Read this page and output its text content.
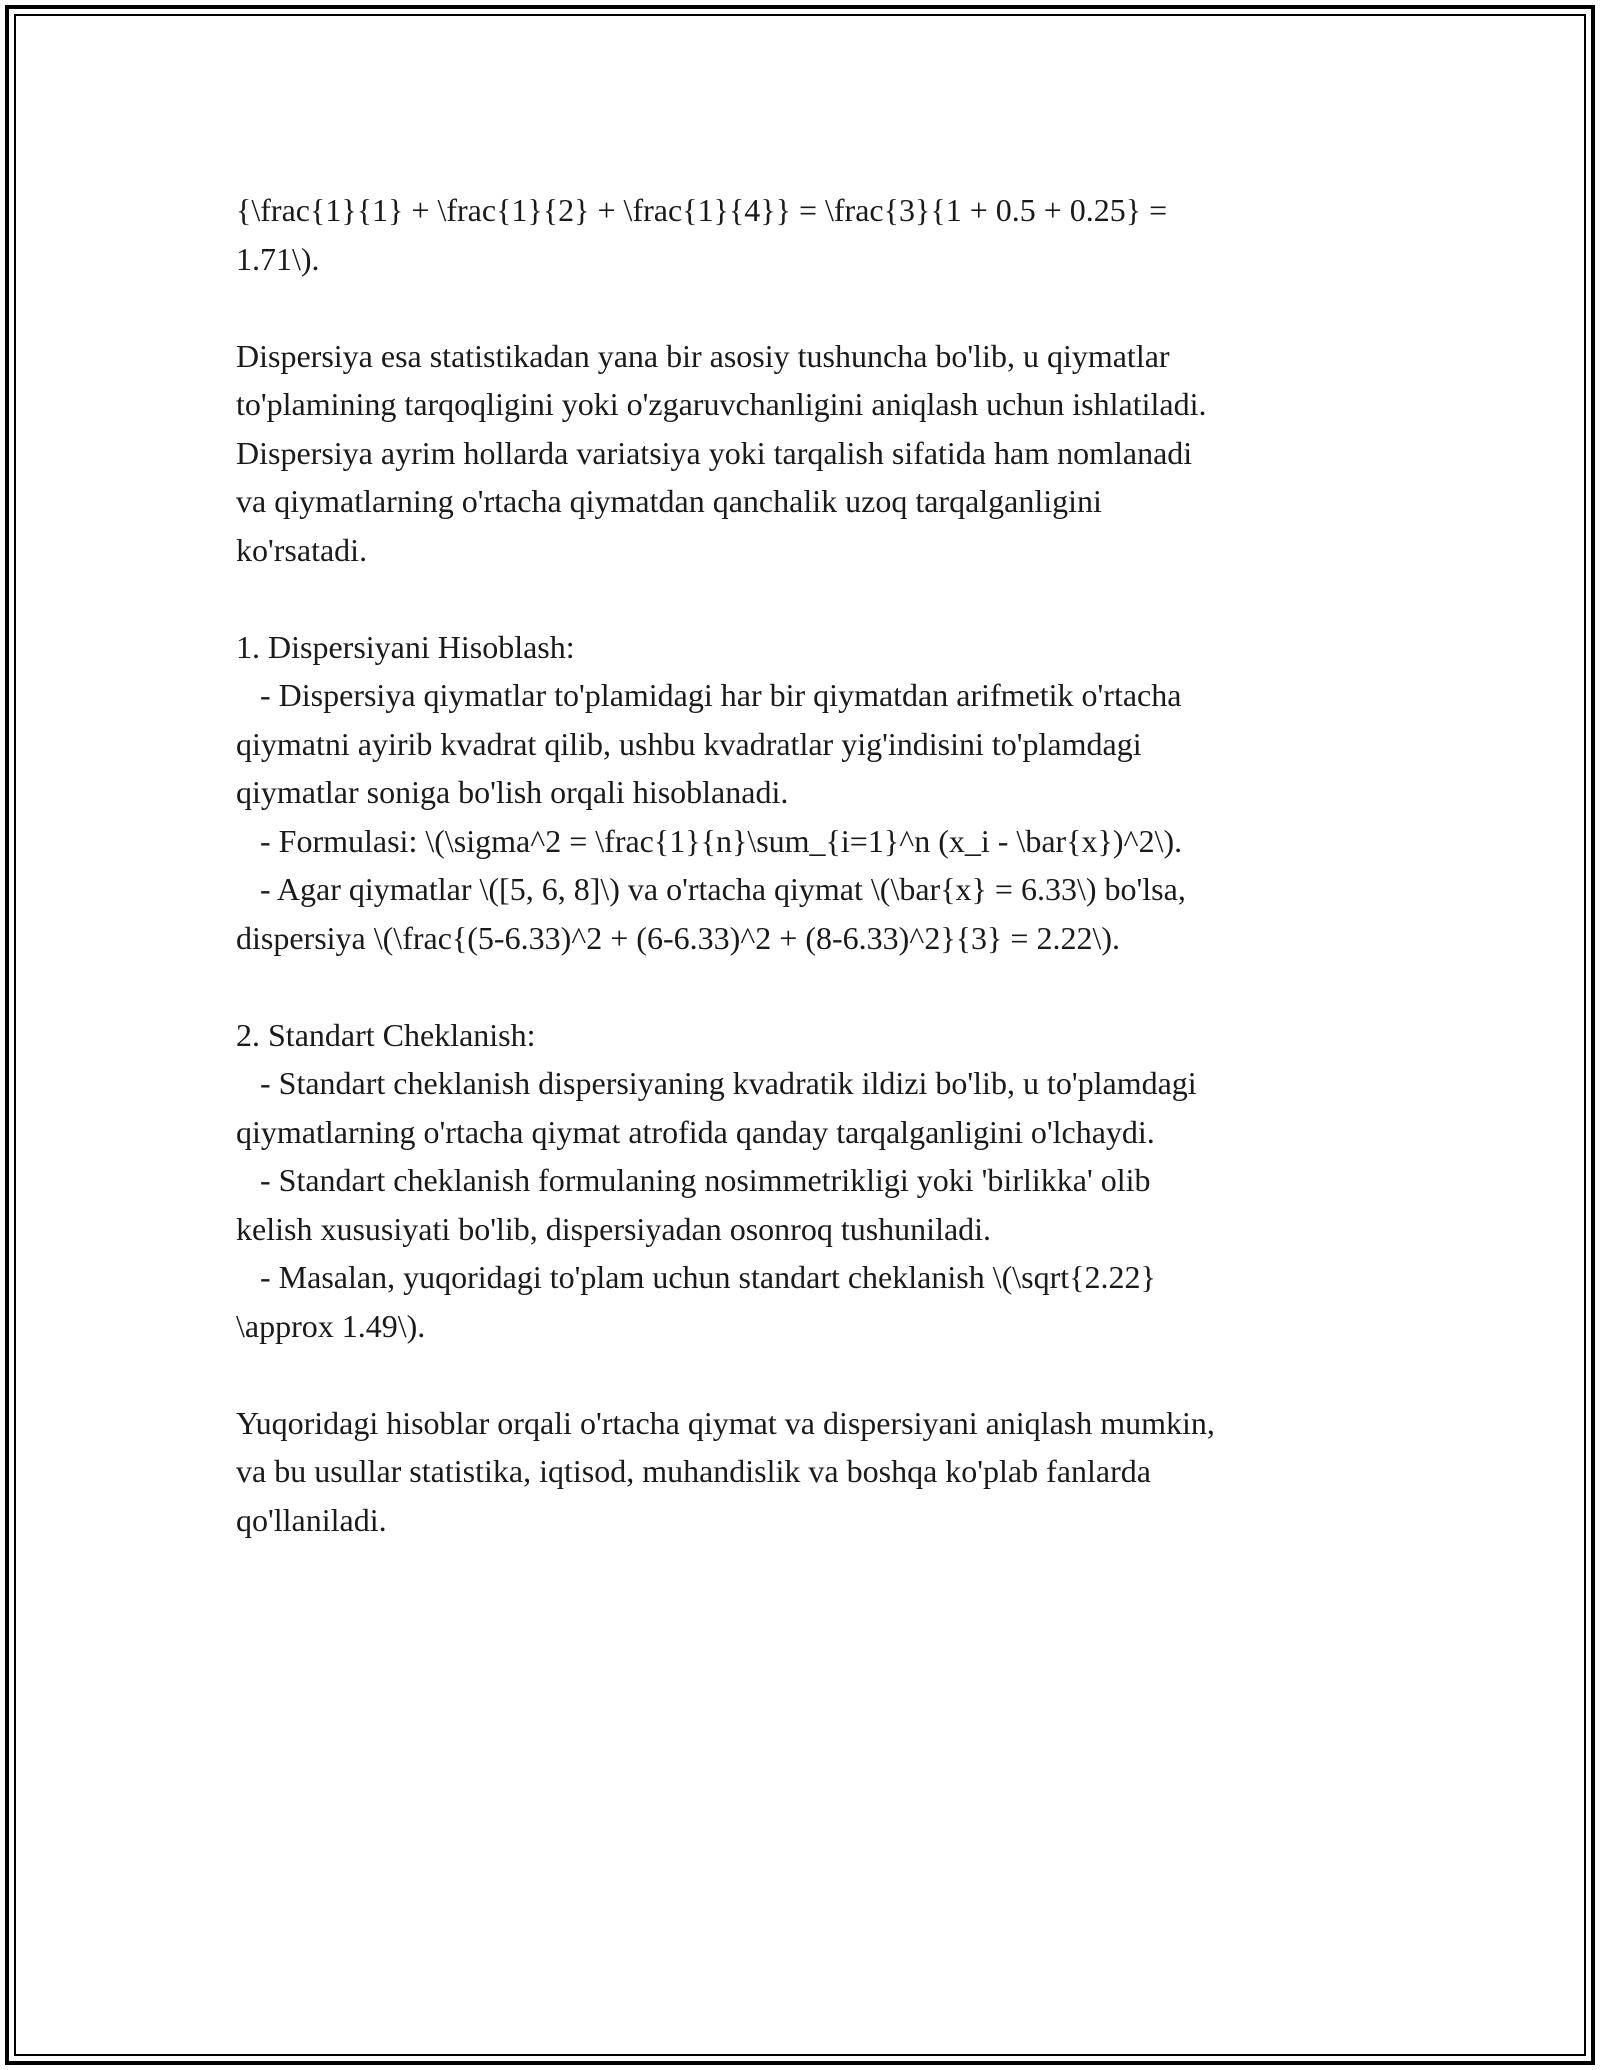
{\frac{1}{1} + \frac{1}{2} + \frac{1}{4}} = \frac{3}{1 + 0.5 + 0.25} =
1.71\).

Dispersiya esa statistikadan yana bir asosiy tushuncha bo'lib, u qiymatlar
to'plamining tarqoqligini yoki o'zgaruvchanligini aniqlash uchun ishlatiladi.
Dispersiya ayrim hollarda variatsiya yoki tarqalish sifatida ham nomlanadi
va qiymatlarning o'rtacha qiymatdan qanchalik uzoq tarqalganligini
ko'rsatadi.

1. Dispersiyani Hisoblash:
- Dispersiya qiymatlar to'plamidagi har bir qiymatdan arifmetik o'rtacha
qiymatni ayirib kvadrat qilib, ushbu kvadratlar yig'indisini to'plamdagi
qiymatlar soniga bo'lish orqali hisoblanadi.
- Formulasi: \(\sigma^2 = \frac{1}{n}\sum_{i=1}^n (x_i - \bar{x})^2\).
- Agar qiymatlar \([5, 6, 8]\) va o'rtacha qiymat \(\bar{x} = 6.33\) bo'lsa,
dispersiya \(\frac{(5-6.33)^2 + (6-6.33)^2 + (8-6.33)^2}{3} = 2.22\).

2. Standart Cheklanish:
- Standart cheklanish dispersiyaning kvadratik ildizi bo'lib, u to'plamdagi
qiymatlarning o'rtacha qiymat atrofida qanday tarqalganligini o'lchaydi.
- Standart cheklanish formulaning nosimmetrikligi yoki 'birlikka' olib
kelish xususiyati bo'lib, dispersiyadan osonroq tushuniladi.
- Masalan, yuqoridagi to'plam uchun standart cheklanish \(\sqrt{2.22}
\approx 1.49\).

Yuqoridagi hisoblar orqali o'rtacha qiymat va dispersiyani aniqlash mumkin,
va bu usullar statistika, iqtisod, muhandislik va boshqa ko'plab fanlarda
qo'llaniladi.
